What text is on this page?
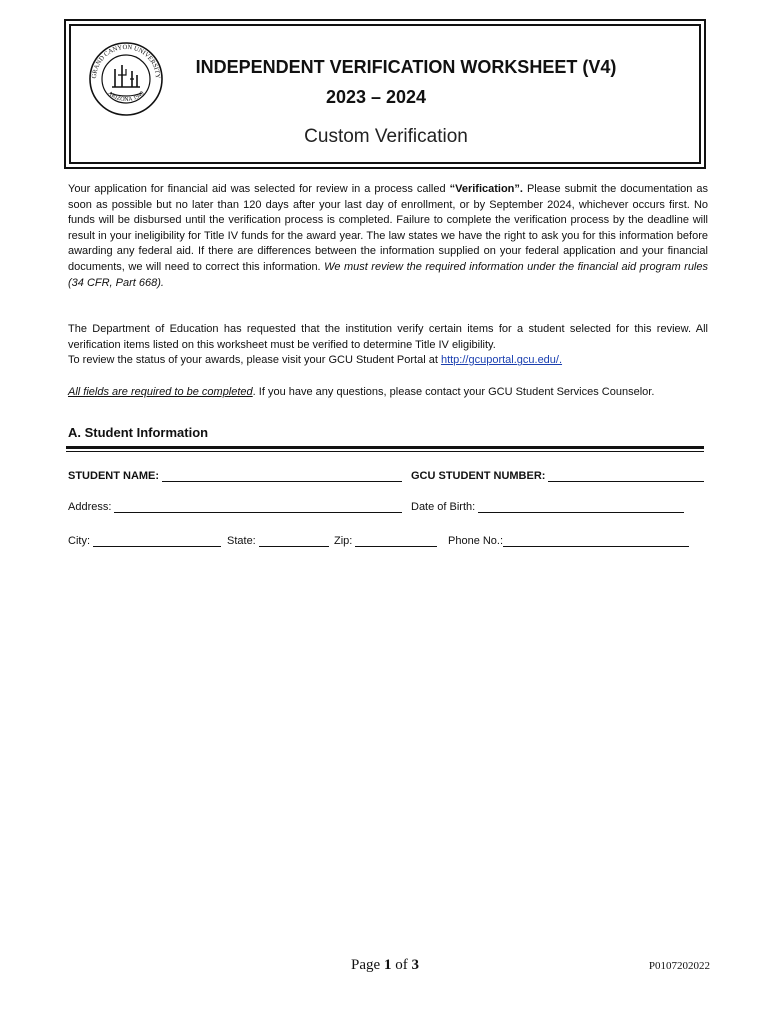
GRAND CANYON UNIVERSITY
ARIZONA 1949
INDEPENDENT VERIFICATION WORKSHEET (V4)
2023 – 2024
Custom Verification
Your application for financial aid was selected for review in a process called “Verification”. Please submit the documentation as soon as possible but no later than 120 days after your last day of enrollment, or by September 2024, whichever occurs first. No funds will be disbursed until the verification process is completed. Failure to complete the verification process by the deadline will result in your ineligibility for Title IV funds for the award year. The law states we have the right to ask you for this information before awarding any federal aid. If there are differences between the information supplied on your federal application and your financial documents, we will need to correct this information. We must review the required information under the financial aid program rules (34 CFR, Part 668).
The Department of Education has requested that the institution verify certain items for a student selected for this review. All verification items listed on this worksheet must be verified to determine Title IV eligibility.
To review the status of your awards, please visit your GCU Student Portal at http://gcuportal.gcu.edu/.
All fields are required to be completed. If you have any questions, please contact your GCU Student Services Counselor.
A. Student Information
STUDENT NAME:	GCU STUDENT NUMBER:
Address:	Date of Birth:
City:	State:	Zip:	Phone No.:
Page 1 of 3	P0107202022
